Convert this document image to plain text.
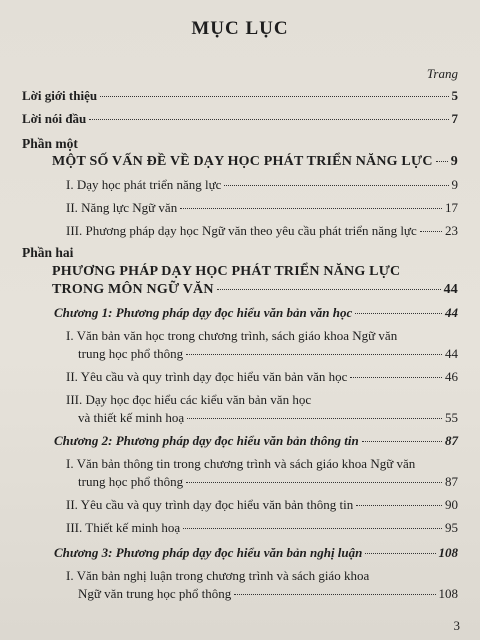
MỤC LỤC
Trang
Lời giới thiệu	5
Lời nói đầu	7
Phần một
MỘT SỐ VẤN ĐỀ VỀ DẠY HỌC PHÁT TRIỂN NĂNG LỰC 9
I. Dạy học phát triển năng lực	9
II. Năng lực Ngữ văn	17
III. Phương pháp dạy học Ngữ văn theo yêu cầu phát triển năng lực 23
Phần hai
PHƯƠNG PHÁP DẠY HỌC PHÁT TRIỂN NĂNG LỰC
TRONG MÔN NGỮ VĂN	44
Chương 1: Phương pháp dạy đọc hiểu văn bản văn học	44
I. Văn bản văn học trong chương trình, sách giáo khoa Ngữ văn
trung học phổ thông	44
II. Yêu cầu và quy trình dạy đọc hiểu văn bản văn học	46
III. Dạy học đọc hiểu các kiểu văn bản văn học
và thiết kế minh hoạ	55
Chương 2: Phương pháp dạy đọc hiểu văn bản thông tin	87
I. Văn bản thông tin trong chương trình và sách giáo khoa Ngữ văn
trung học phổ thông	87
II. Yêu cầu và quy trình dạy đọc hiểu văn bản thông tin	90
III. Thiết kế minh hoạ	95
Chương 3: Phương pháp dạy đọc hiểu văn bản nghị luận	108
I. Văn bản nghị luận trong chương trình và sách giáo khoa
Ngữ văn trung học phổ thông	108
3
